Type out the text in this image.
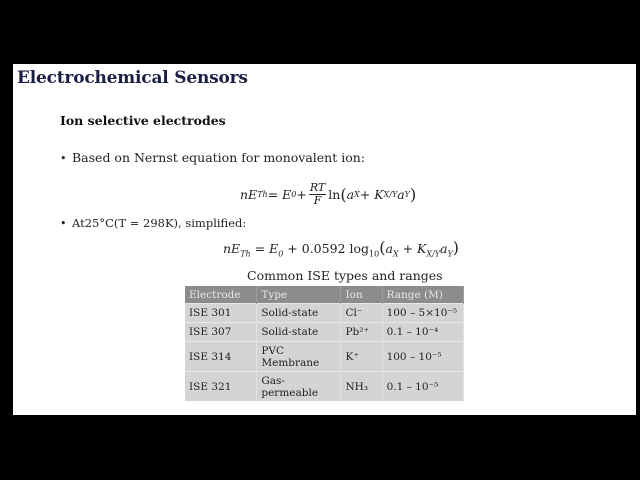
Electrochemical Sensors
Ion selective electrodes
• Based on Nernst equation for monovalent ion:
nE Th = E $0 + \frac{RT}{F}$ ln ( a X + K X/Y a Y )
• At25°C(T = 298K), simplified:
$nE_{Th} = E_0 + 0.0592$ $\log_{10}(a_X + K_{X/Y}a_Y)$
Common ISE types and ranges
Electrode	Type	Ion	Range (M)
ISE 301	Solid-state	Cl⁻	100 – 5×10⁻⁵
ISE 307	Solid-state	Pb²⁺	0.1 – 10⁻⁴
ISE 314	PVC Membrane	K⁺	100 – 10⁻⁵
ISE 321	Gas-permeable	NH₃	0.1 – 10⁻⁵
